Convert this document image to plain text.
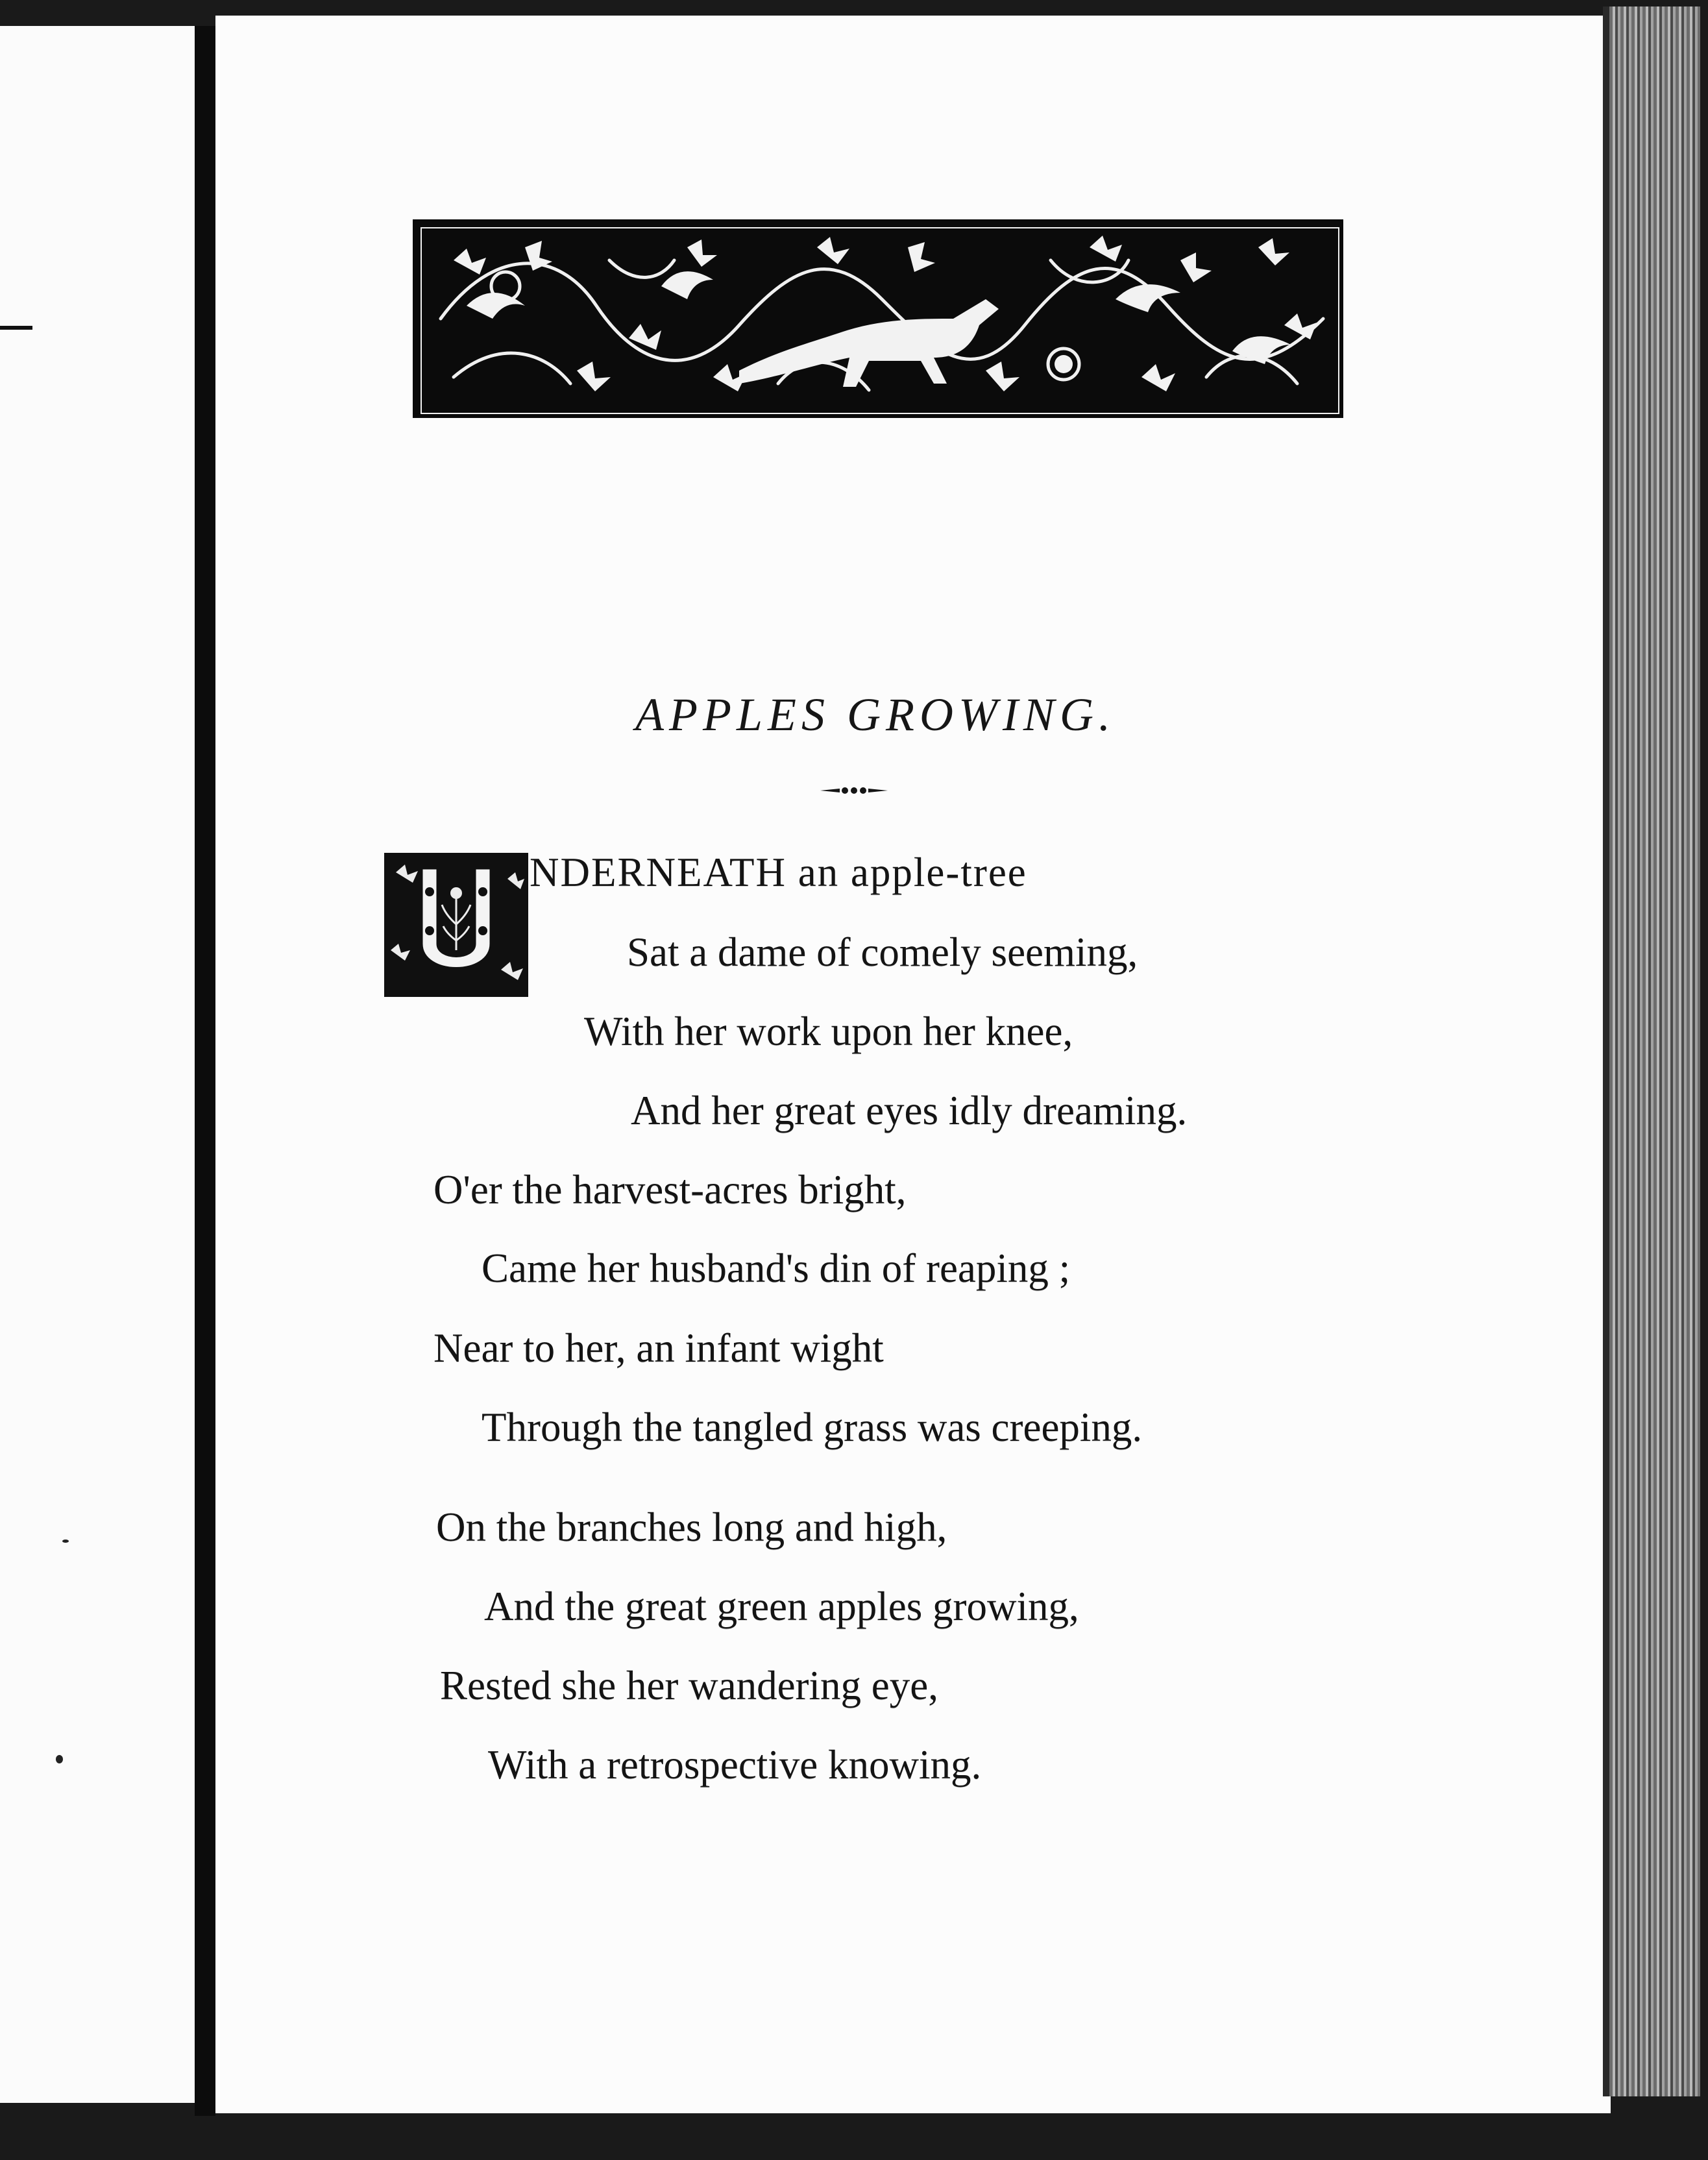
APPLES GROWING.
NDERNEATH an apple-tree
Sat a dame of comely seeming,
With her work upon her knee,
And her great eyes idly dreaming.
O'er the harvest-acres bright,
Came her husband's din of reaping ;
Near to her, an infant wight
Through the tangled grass was creeping.
On the branches long and high,
And the great green apples growing,
Rested she her wandering eye,
With a retrospective knowing.
